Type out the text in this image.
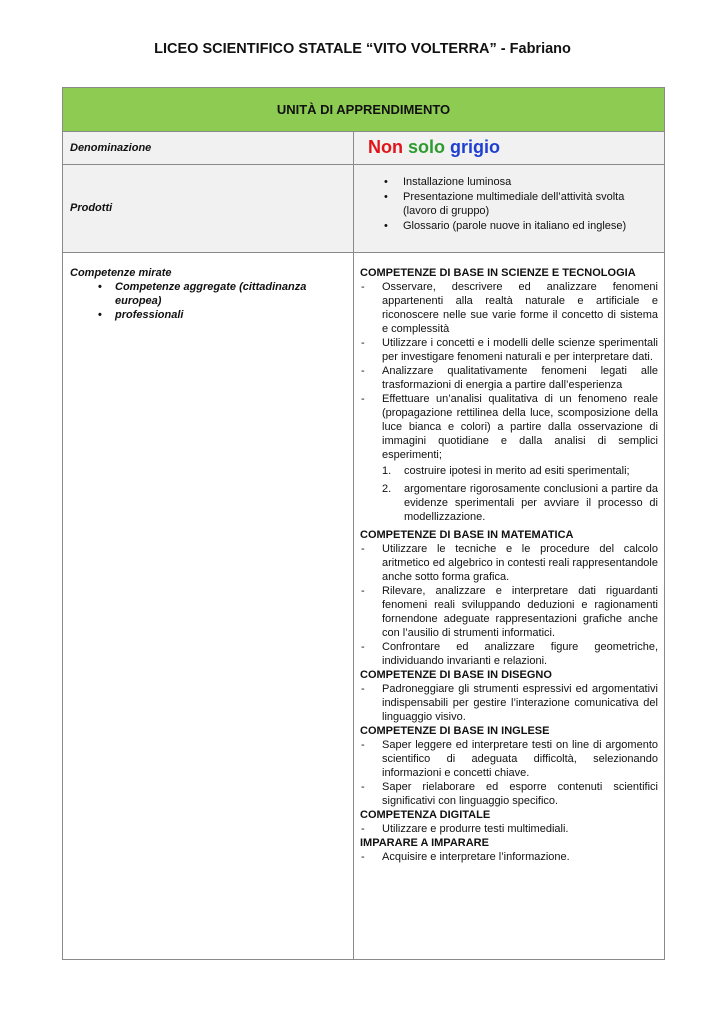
LICEO SCIENTIFICO STATALE “VITO VOLTERRA” - Fabriano
UNITÀ DI APPRENDIMENTO
Denominazione	Non solo grigio
Prodotti
• Installazione luminosa
• Presentazione multimediale dell’attività svolta (lavoro di gruppo)
• Glossario (parole nuove in italiano ed inglese)
Competenze mirate
• Competenze aggregate (cittadinanza europea)
• professionali
COMPETENZE DI BASE IN SCIENZE E TECNOLOGIA
- Osservare, descrivere ed analizzare fenomeni appartenenti alla realtà naturale e artificiale e riconoscere nelle sue varie forme il concetto di sistema e complessità
- Utilizzare i concetti e i modelli delle scienze sperimentali per investigare fenomeni naturali e per interpretare dati.
- Analizzare qualitativamente fenomeni legati alle trasformazioni di energia a partire dall’esperienza
- Effettuare un’analisi qualitativa di un fenomeno reale (propagazione rettilinea della luce, scomposizione della luce bianca e colori) a partire dalla osservazione di immagini quotidiane e dalla analisi di semplici esperimenti;
1. costruire ipotesi in merito ad esiti sperimentali;
2. argomentare rigorosamente conclusioni a partire da evidenze sperimentali per avviare il processo di modellizzazione.
COMPETENZE DI BASE IN MATEMATICA
- Utilizzare le tecniche e le procedure del calcolo aritmetico ed algebrico in contesti reali rappresentandole anche sotto forma grafica.
- Rilevare, analizzare e interpretare dati riguardanti fenomeni reali sviluppando deduzioni e ragionamenti fornendone adeguate rappresentazioni grafiche anche con l’ausilio di strumenti informatici.
- Confrontare ed analizzare figure geometriche, individuando invarianti e relazioni.
COMPETENZE DI BASE IN DISEGNO
- Padroneggiare gli strumenti espressivi ed argomentativi indispensabili per gestire l’interazione comunicativa del linguaggio visivo.
COMPETENZE DI BASE IN INGLESE
- Saper leggere ed interpretare testi on line di argomento scientifico di adeguata difficoltà, selezionando informazioni e concetti chiave.
- Saper rielaborare ed esporre contenuti scientifici significativi con linguaggio specifico.
COMPETENZA DIGITALE
- Utilizzare e produrre testi multimediali.
IMPARARE A IMPARARE
- Acquisire e interpretare l’informazione.
